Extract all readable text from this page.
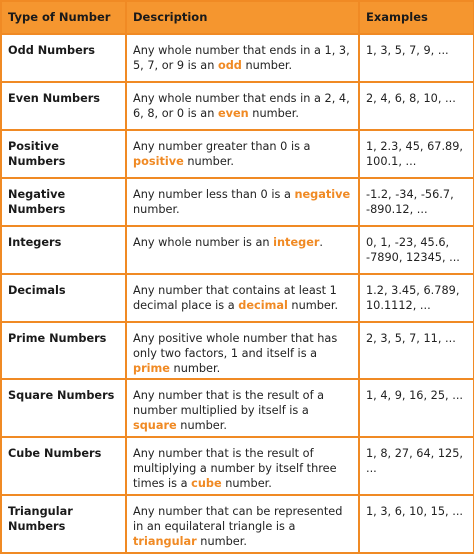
Type of Number	Description	Examples
Odd Numbers	Any whole number that ends in a 1, 3, 5, 7, or 9 is an odd number.	1, 3, 5, 7, 9, ...
Even Numbers	Any whole number that ends in a 2, 4, 6, 8, or 0 is an even number.	2, 4, 6, 8, 10, ...
Positive Numbers	Any number greater than 0 is a positive number.	1, 2.3, 45, 67.89, 100.1, ...
Negative Numbers	Any number less than 0 is a negative number.	-1.2, -34, -56.7, -890.12, ...
Integers	Any whole number is an integer.	0, 1, -23, 45.6, -7890, 12345, ...
Decimals	Any number that contains at least 1 decimal place is a decimal number.	1.2, 3.45, 6.789, 10.1112, ...
Prime Numbers	Any positive whole number that has only two factors, 1 and itself is a prime number.	2, 3, 5, 7, 11, ...
Square Numbers	Any number that is the result of a number multiplied by itself is a square number.	1, 4, 9, 16, 25, ...
Cube Numbers	Any number that is the result of multiplying a number by itself three times is a cube number.	1, 8, 27, 64, 125, ...
Triangular Numbers	Any number that can be represented in an equilateral triangle is a triangular number.	1, 3, 6, 10, 15, ...
